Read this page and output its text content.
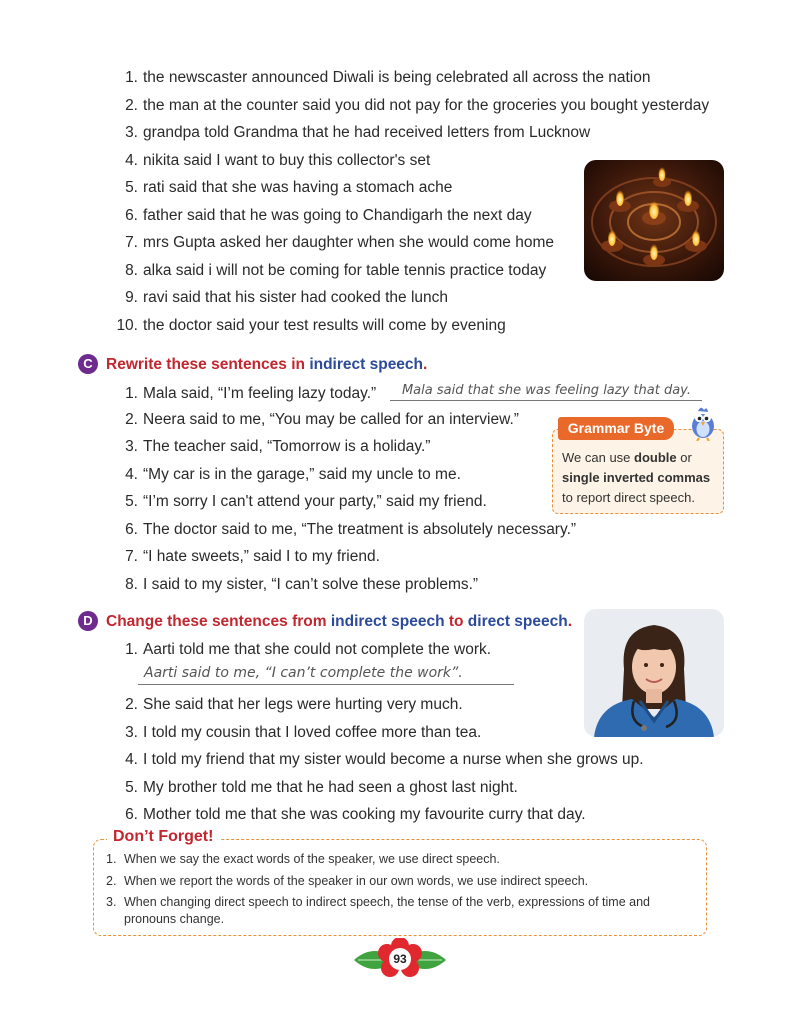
1. the newscaster announced Diwali is being celebrated all across the nation
2. the man at the counter said you did not pay for the groceries you bought yesterday
3. grandpa told Grandma that he had received letters from Lucknow
4. nikita said I want to buy this collector's set
5. rati said that she was having a stomach ache
6. father said that he was going to Chandigarh the next day
7. mrs Gupta asked her daughter when she would come home
8. alka said i will not be coming for table tennis practice today
9. ravi said that his sister had cooked the lunch
10. the doctor said your test results will come by evening
C Rewrite these sentences in indirect speech.
1. Mala said, “I’m feeling lazy today.” Mala said that she was feeling lazy that day.
2. Neera said to me, “You may be called for an interview.”
3. The teacher said, “Tomorrow is a holiday.”
4. “My car is in the garage,” said my uncle to me.
5. “I’m sorry I can't attend your party,” said my friend.
6. The doctor said to me, “The treatment is absolutely necessary.”
7. “I hate sweets,” said I to my friend.
8. I said to my sister, “I can’t solve these problems.”
Grammar Byte
We can use double or single inverted commas to report direct speech.
D Change these sentences from indirect speech to direct speech.
1. Aarti told me that she could not complete the work.
Aarti said to me, “I can’t complete the work”.
2. She said that her legs were hurting very much.
3. I told my cousin that I loved coffee more than tea.
4. I told my friend that my sister would become a nurse when she grows up.
5. My brother told me that he had seen a ghost last night.
6. Mother told me that she was cooking my favourite curry that day.
Don’t Forget!
1. When we say the exact words of the speaker, we use direct speech.
2. When we report the words of the speaker in our own words, we use indirect speech.
3. When changing direct speech to indirect speech, the tense of the verb, expressions of time and pronouns change.
93
